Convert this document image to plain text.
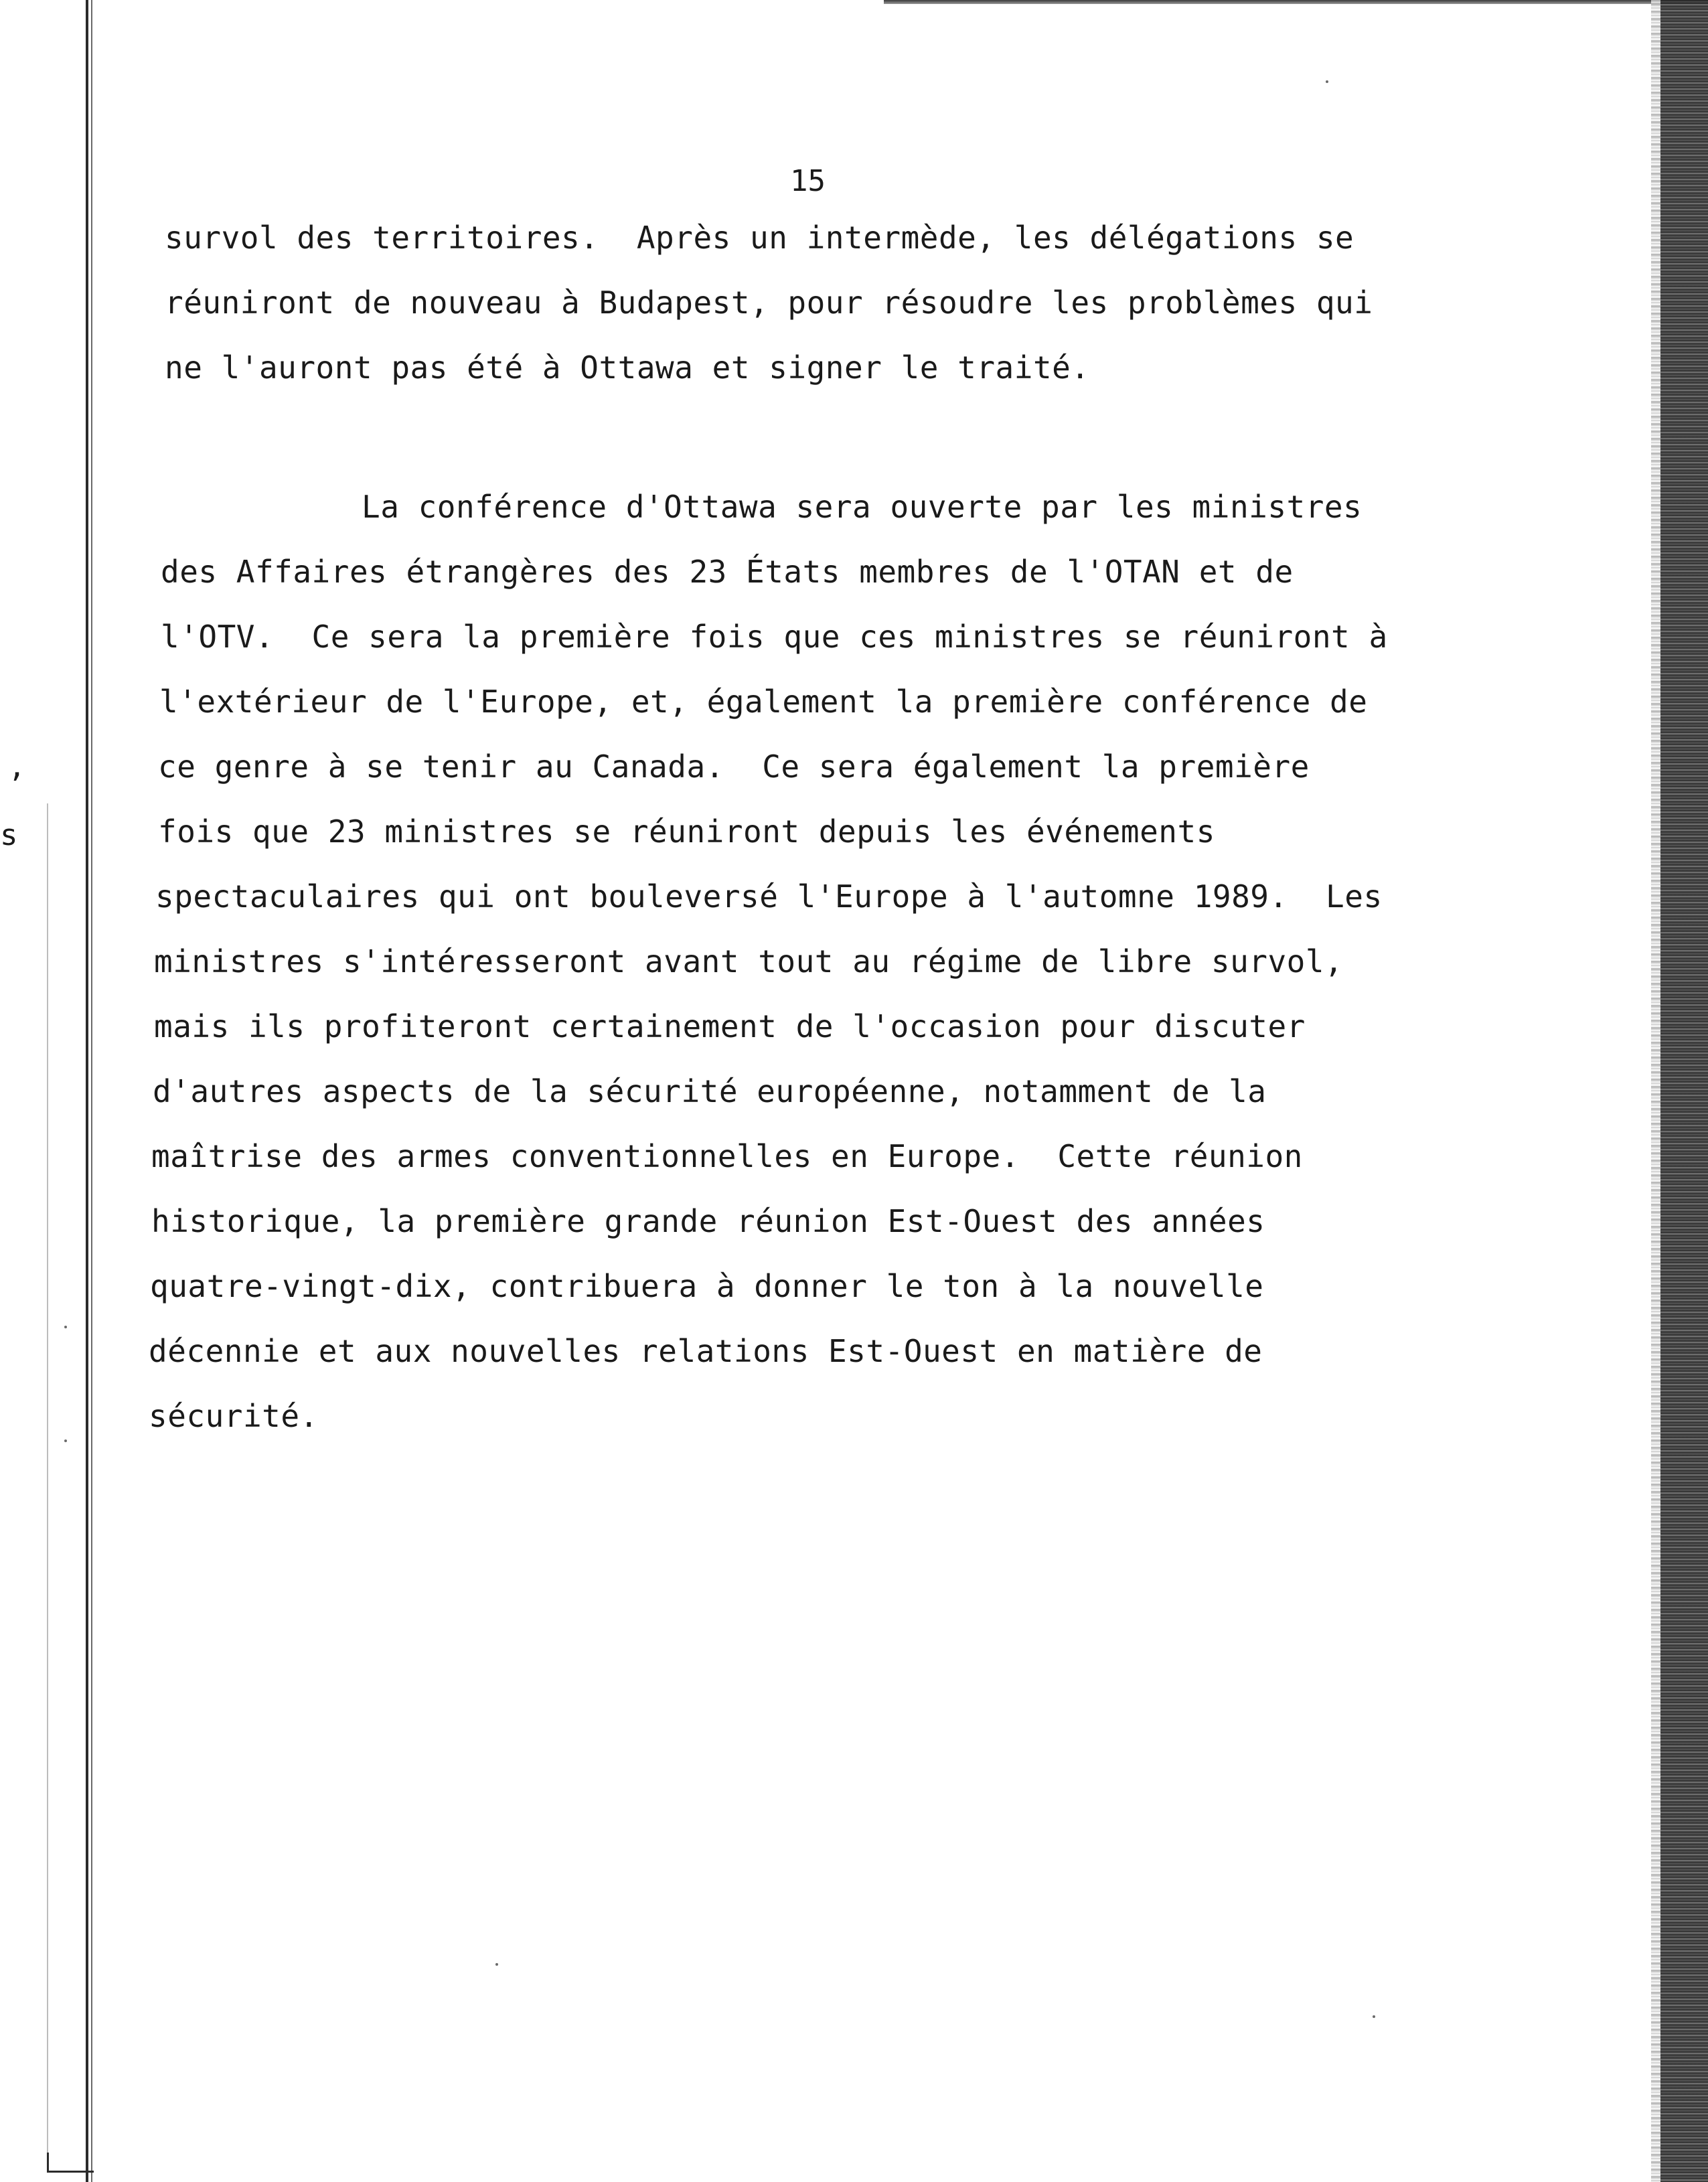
,
s
15
survol des territoires.  Après un intermède, les délégations se
réuniront de nouveau à Budapest, pour résoudre les problèmes qui
ne l'auront pas été à Ottawa et signer le traité.
La conférence d'Ottawa sera ouverte par les ministres
des Affaires étrangères des 23 États membres de l'OTAN et de
l'OTV.  Ce sera la première fois que ces ministres se réuniront à
l'extérieur de l'Europe, et, également la première conférence de
ce genre à se tenir au Canada.  Ce sera également la première
fois que 23 ministres se réuniront depuis les événements
spectaculaires qui ont bouleversé l'Europe à l'automne 1989.  Les
ministres s'intéresseront avant tout au régime de libre survol,
mais ils profiteront certainement de l'occasion pour discuter
d'autres aspects de la sécurité européenne, notamment de la
maîtrise des armes conventionnelles en Europe.  Cette réunion
historique, la première grande réunion Est-Ouest des années
quatre-vingt-dix, contribuera à donner le ton à la nouvelle
décennie et aux nouvelles relations Est-Ouest en matière de
sécurité.
